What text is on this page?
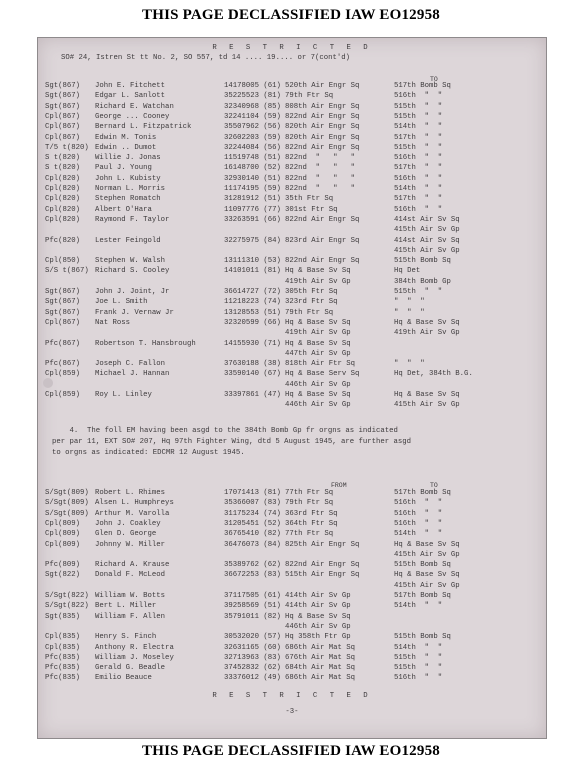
THIS PAGE DECLASSIFIED IAW EO12958
R E S T R I C T E D
SO# 24, Istren St tt No. 2, SO 557, td 14 .... 19.... or 7(cont'd)
TO
Sgt(867) John E. Fitchett	14178005 (61) 520th Air Engr Sq	517th Bomb Sq
Sgt(867) Edgar L. Sanlott	35225523 (81) 79th Ftr Sq	516th  "  "
Sgt(867) Richard E. Watchan	32340968 (85) 808th Air Engr Sq	515th  "  "
Cpl(867) George ... Cooney	32241104 (59) 822nd Air Engr Sq	515th  "  "
Cpl(867) Bernard L. Fitzpatrick	35507962 (56) 820th Air Engr Sq	514th  "  "
Cpl(867) Edwin M. Tonis	32602203 (59) 820th Air Engr Sq	517th  "  "
T/5 t(820) Edwin .. Dumot	32244084 (56) 822nd Air Engr Sq	515th  "  "
S t(820) Willie J. Jonas	11519748 (51) 822nd  "   "   "	516th  "  "
S t(820) Paul J. Young	16148700 (52) 822nd  "   "   "	517th  "  "
Cpl(820) John L. Kubisty	32930140 (51) 822nd  "   "   "	516th  "  "
Cpl(820) Norman L. Morris	11174195 (59) 822nd  "   "   "	514th  "  "
Cpl(820) Stephen Romatch	31281912 (51) 35th Ftr Sq	517th  "  "
Cpl(820) Albert O'Hara	11097776 (77) 301st Ftr Sq	516th  "  "
Cpl(820) Raymond F. Taylor	33263591 (66) 822nd Air Engr Sq	414st Air Sv Sq
415th Air Sv Gp
Pfc(820) Lester Feingold	32275975 (84) 823rd Air Engr Sq	414st Air Sv Sq
415th Air Sv Gp
Cpl(850) Stephen W. Walsh	13111310 (53) 822nd Air Engr Sq	515th Bomb Sq
S/S t(867) Richard S. Cooley	14101011 (81) Hq & Base Sv Sq	Hq Det
419th Air Sv Gp	384th Bomb Gp
Sgt(867) John J. Joint, Jr	36614727 (72) 305th Ftr Sq	515th  "  "
Sgt(867) Joe L. Smith	11218223 (74) 323rd Ftr Sq	"  "  "
Sgt(867) Frank J. Vernaw Jr	13128553 (51) 79th Ftr Sq	"  "  "
Cpl(867) Nat Ross	32320599 (66) Hq & Base Sv Sq	Hq & Base Sv Sq
419th Air Sv Gp	419th Air Sv Gp
Pfc(867) Robertson T. Hansbrough	14155930 (71) Hq & Base Sv Sq
447th Air Sv Gp
Pfc(867) Joseph C. Fallon	37630188 (38) 818th Air Ftr Sq	"  "  "
Cpl(859) Michael J. Hannan	33590140 (67) Hq & Base Serv Sq	Hq Det, 384th B.G.
446th Air Sv Gp
Cpl(859) Roy L. Linley	33397861 (47) Hq & Base Sv Sq	Hq & Base Sv Sq
446th Air Sv Gp	415th Air Sv Gp
4.  The foll EM having been asgd to the 384th Bomb Gp fr orgns as indicated
per par 11, EXT SO# 207, Hq 97th Fighter Wing, dtd 5 August 1945, are further asgd
to orgns as indicated: EDCMR 12 August 1945.
FROM	TO
S/Sgt(809) Robert L. Rhimes	17071413 (81) 77th Ftr Sq	517th Bomb Sq
S/Sgt(809) Alsen L. Humphreys	35366007 (83) 79th Ftr Sq	516th  "  "
S/Sgt(809) Arthur M. Varolla	31175234 (74) 363rd Ftr Sq	516th  "  "
Cpl(809) John J. Coakley	31205451 (52) 364th Ftr Sq	516th  "  "
Cpl(809) Glen D. George	36765410 (82) 77th Ftr Sq	514th  "  "
Cpl(809) Johnny W. Miller	36476073 (84) 825th Air Engr Sq	Hq & Base Sv Sq
415th Air Sv Gp
Pfc(809) Richard A. Krause	35389762 (62) 822nd Air Engr Sq	515th Bomb Sq
Sgt(822) Donald F. McLeod	36672253 (83) 515th Air Engr Sq	Hq & Base Sv Sq
415th Air Sv Gp
S/Sgt(822) William W. Botts	37117505 (61) 414th Air Sv Gp	517th Bomb Sq
S/Sgt(822) Bert L. Miller	39258569 (51) 414th Air Sv Gp	514th  "  "
Sgt(835) William F. Allen	35791011 (82) Hq & Base Sv Sq
446th Air Sv Gp
Cpl(835) Henry S. Finch	30532020 (57) Hq 358th Ftr Gp	515th Bomb Sq
Cpl(835) Anthony R. Electra	32631165 (60) 686th Air Mat Sq	514th  "  "
Pfc(835) William J. Moseley	32713963 (83) 676th Air Mat Sq	515th  "  "
Pfc(835) Gerald G. Beadle	37452832 (62) 684th Air Mat Sq	515th  "  "
Pfc(835) Emilio Beauce	33376012 (49) 686th Air Mat Sq	516th  "  "
R E S T R I C T E D
-3-
THIS PAGE DECLASSIFIED IAW EO12958
